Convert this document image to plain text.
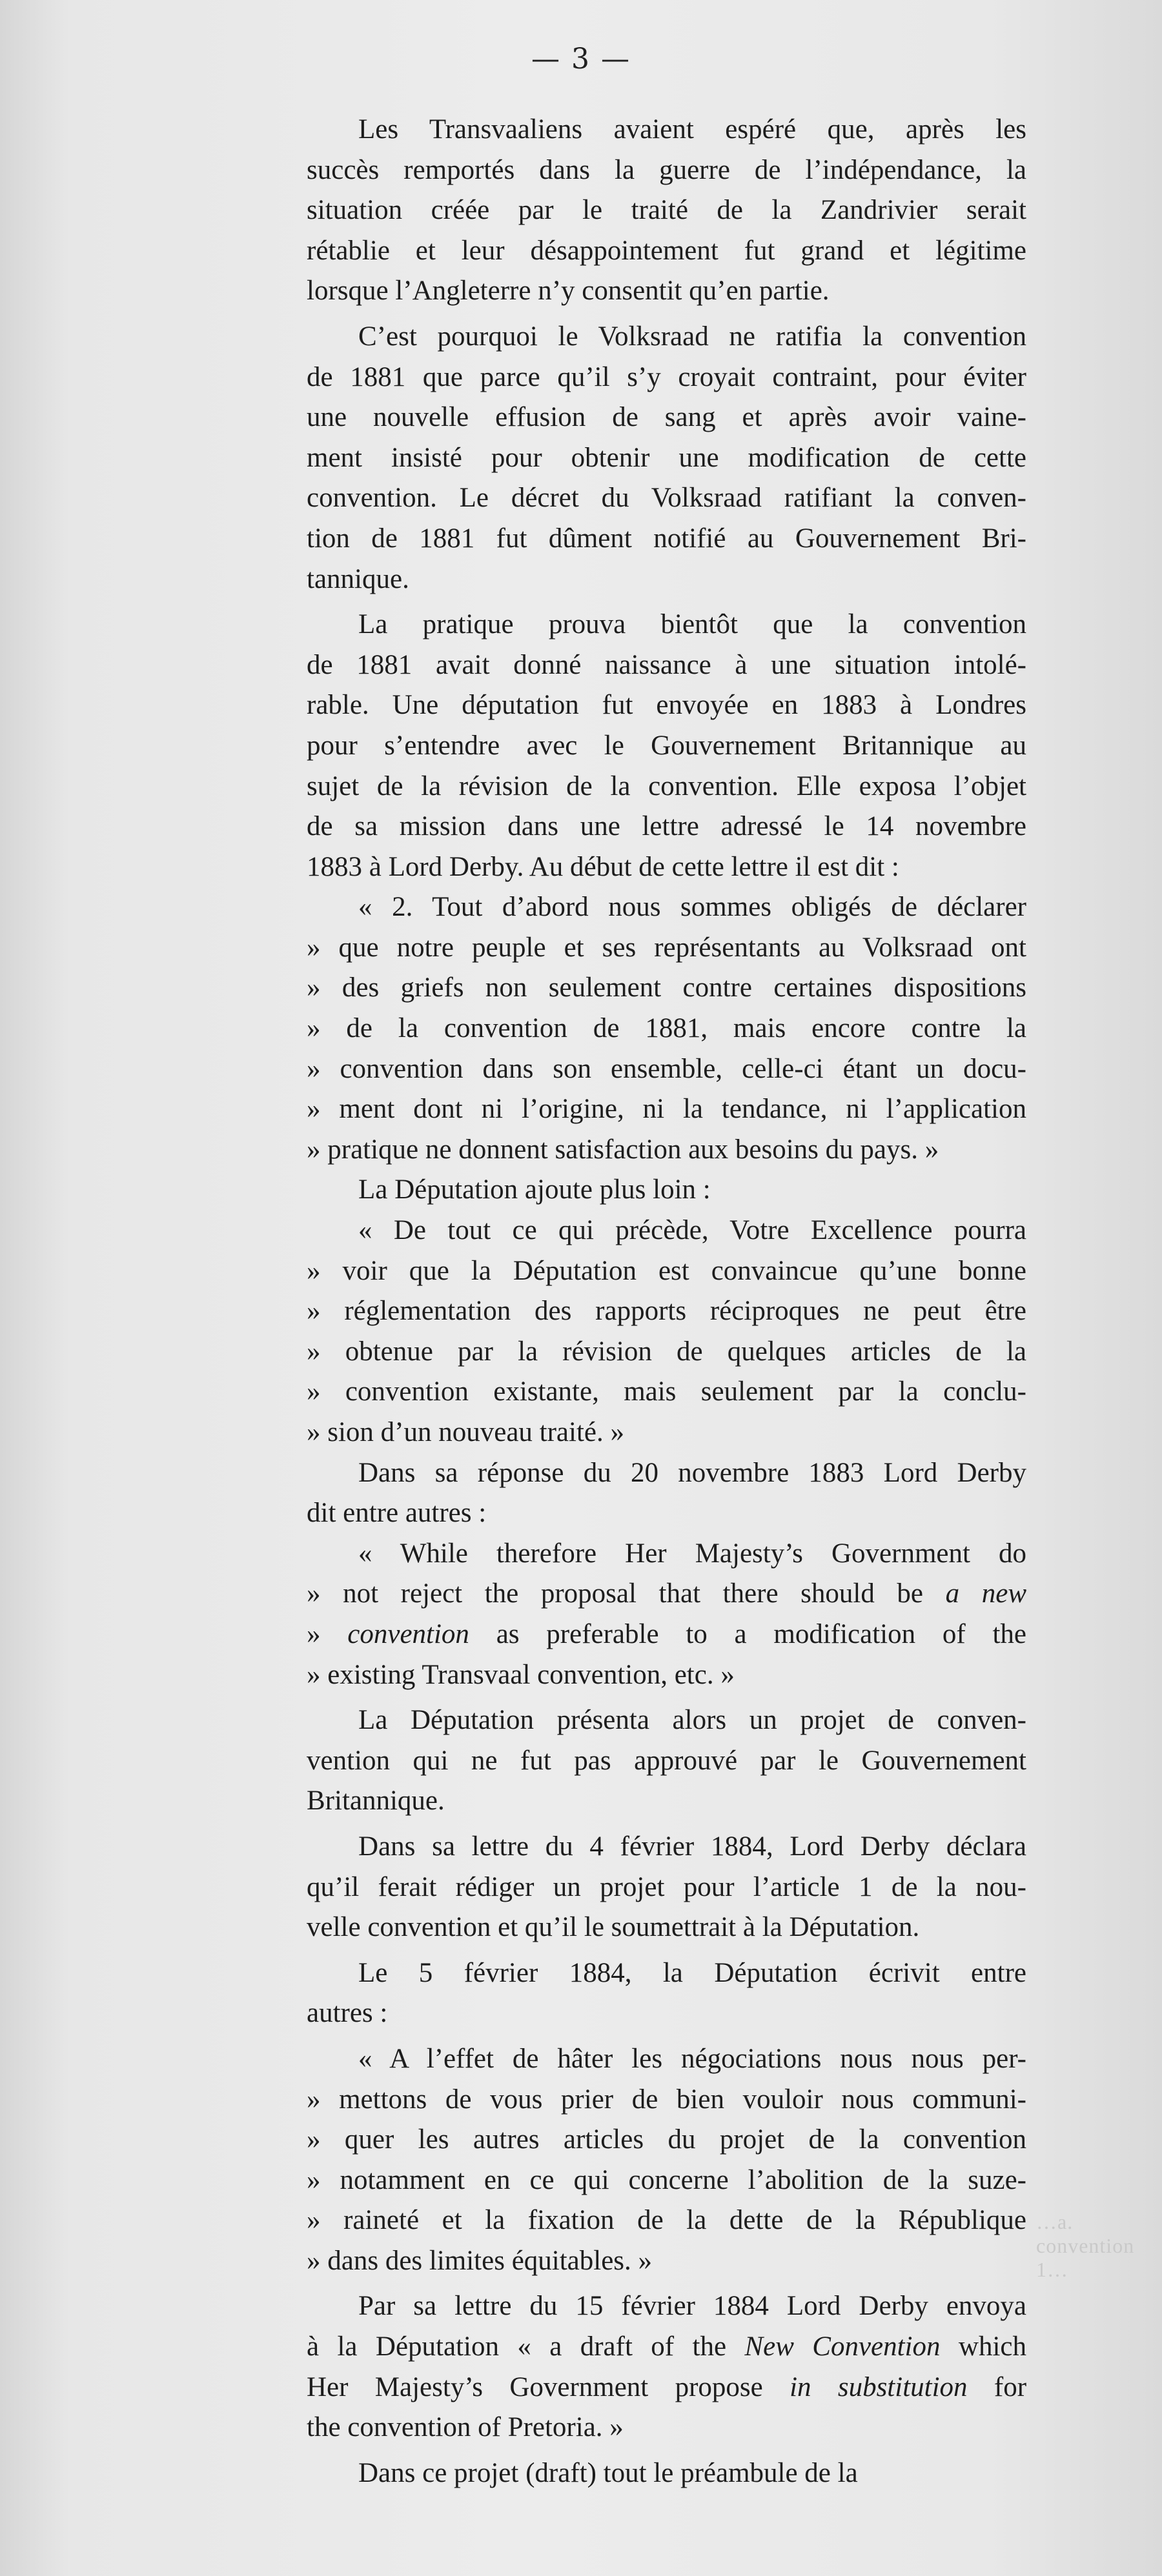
— 3 —
Les Transvaaliens avaient espéré que, après les
succès remportés dans la guerre de l’indépendance, la
situation créée par le traité de la Zandrivier serait
rétablie et leur désappointement fut grand et légitime
lorsque l’Angleterre n’y consentit qu’en partie.
C’est pourquoi le Volksraad ne ratifia la convention
de 1881 que parce qu’il s’y croyait contraint, pour éviter
une nouvelle effusion de sang et après avoir vaine-
ment insisté pour obtenir une modification de cette
convention. Le décret du Volksraad ratifiant la conven-
tion de 1881 fut dûment notifié au Gouvernement Bri-
tannique.
La pratique prouva bientôt que la convention
de 1881 avait donné naissance à une situation intolé-
rable. Une députation fut envoyée en 1883 à Londres
pour s’entendre avec le Gouvernement Britannique au
sujet de la révision de la convention. Elle exposa l’objet
de sa mission dans une lettre adressé le 14 novembre
1883 à Lord Derby. Au début de cette lettre il est dit :
« 2. Tout d’abord nous sommes obligés de déclarer
» que notre peuple et ses représentants au Volksraad ont
» des griefs non seulement contre certaines dispositions
» de la convention de 1881, mais encore contre la
» convention dans son ensemble, celle-ci étant un docu-
» ment dont ni l’origine, ni la tendance, ni l’application
» pratique ne donnent satisfaction aux besoins du pays. »
La Députation ajoute plus loin :
« De tout ce qui précède, Votre Excellence pourra
» voir que la Députation est convaincue qu’une bonne
» réglementation des rapports réciproques ne peut être
» obtenue par la révision de quelques articles de la
» convention existante, mais seulement par la conclu-
» sion d’un nouveau traité. »
Dans sa réponse du 20 novembre 1883 Lord Derby
dit entre autres :
« While therefore Her Majesty’s Government do
» not reject the proposal that there should be a new
» convention as preferable to a modification of the
» existing Transvaal convention, etc. »
La Députation présenta alors un projet de conven-
vention qui ne fut pas approuvé par le Gouvernement
Britannique.
Dans sa lettre du 4 février 1884, Lord Derby déclara
qu’il ferait rédiger un projet pour l’article 1 de la nou-
velle convention et qu’il le soumettrait à la Députation.
Le 5 février 1884, la Députation écrivit entre
autres :
« A l’effet de hâter les négociations nous nous per-
» mettons de vous prier de bien vouloir nous communi-
» quer les autres articles du projet de la convention
» notamment en ce qui concerne l’abolition de la suze-
» raineté et la fixation de la dette de la République
» dans des limites équitables. »
Par sa lettre du 15 février 1884 Lord Derby envoya
à la Députation « a draft of the New Convention which
Her Majesty’s Government propose in substitution for
the convention of Pretoria. »
Dans ce projet (draft) tout le préambule de la
…a. convention 1…
